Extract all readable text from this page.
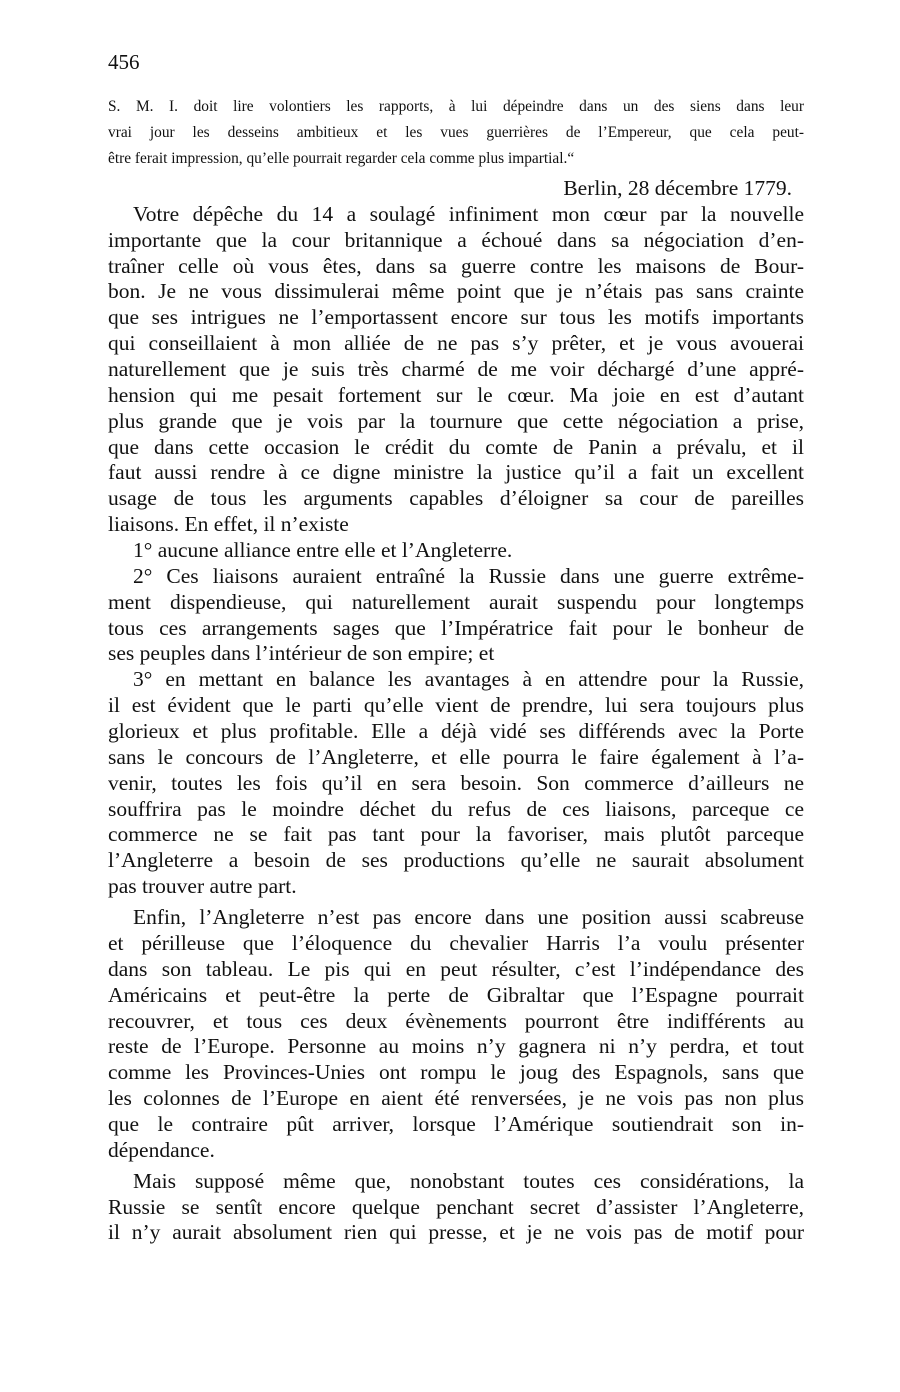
456
S. M. I. doit lire volontiers les rapports, à lui dépeindre dans un des siens dans leur
vrai jour les desseins ambitieux et les vues guerrières de l’Empereur, que cela peut-
être ferait impression, qu’elle pourrait regarder cela comme plus impartial.“
Berlin, 28 décembre 1779.
Votre dépêche du 14 a soulagé infiniment mon cœur par la nouvelle
importante que la cour britannique a échoué dans sa négociation d’en-
traîner celle où vous êtes, dans sa guerre contre les maisons de Bour-
bon. Je ne vous dissimulerai même point que je n’étais pas sans crainte
que ses intrigues ne l’emportassent encore sur tous les motifs importants
qui conseillaient à mon alliée de ne pas s’y prêter, et je vous avouerai
naturellement que je suis très charmé de me voir déchargé d’une appré-
hension qui me pesait fortement sur le cœur. Ma joie en est d’autant
plus grande que je vois par la tournure que cette négociation a prise,
que dans cette occasion le crédit du comte de Panin a prévalu, et il
faut aussi rendre à ce digne ministre la justice qu’il a fait un excellent
usage de tous les arguments capables d’éloigner sa cour de pareilles
liaisons. En effet, il n’existe
1° aucune alliance entre elle et l’Angleterre.
2° Ces liaisons auraient entraîné la Russie dans une guerre extrême-
ment dispendieuse, qui naturellement aurait suspendu pour longtemps
tous ces arrangements sages que l’Impératrice fait pour le bonheur de
ses peuples dans l’intérieur de son empire; et
3° en mettant en balance les avantages à en attendre pour la Russie,
il est évident que le parti qu’elle vient de prendre, lui sera toujours plus
glorieux et plus profitable. Elle a déjà vidé ses différends avec la Porte
sans le concours de l’Angleterre, et elle pourra le faire également à l’a-
venir, toutes les fois qu’il en sera besoin. Son commerce d’ailleurs ne
souffrira pas le moindre déchet du refus de ces liaisons, parceque ce
commerce ne se fait pas tant pour la favoriser, mais plutôt parceque
l’Angleterre a besoin de ses productions qu’elle ne saurait absolument
pas trouver autre part.
Enfin, l’Angleterre n’est pas encore dans une position aussi scabreuse
et périlleuse que l’éloquence du chevalier Harris l’a voulu présenter
dans son tableau. Le pis qui en peut résulter, c’est l’indépendance des
Américains et peut-être la perte de Gibraltar que l’Espagne pourrait
recouvrer, et tous ces deux évènements pourront être indifférents au
reste de l’Europe. Personne au moins n’y gagnera ni n’y perdra, et tout
comme les Provinces-Unies ont rompu le joug des Espagnols, sans que
les colonnes de l’Europe en aient été renversées, je ne vois pas non plus
que le contraire pût arriver, lorsque l’Amérique soutiendrait son in-
dépendance.
Mais supposé même que, nonobstant toutes ces considérations, la
Russie se sentît encore quelque penchant secret d’assister l’Angleterre,
il n’y aurait absolument rien qui presse, et je ne vois pas de motif pour
